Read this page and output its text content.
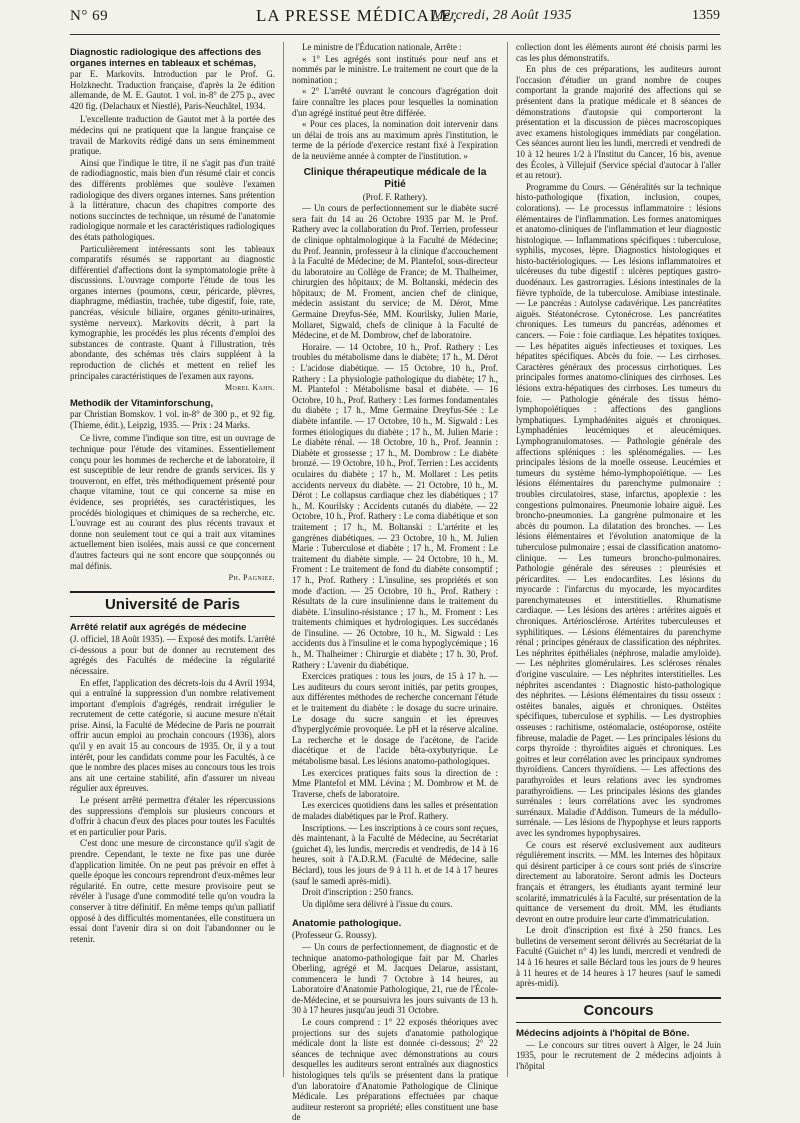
N° 69	LA PRESSE MÉDICALE,
Mercredi, 28 Août 1935	1359
Diagnostic radiologique des affections des organes internes en tableaux et schémas,
par E. Markovits. Introduction par le Prof. G. Holzknecht. Traduction française, d'après la 2e édition allemande, de M. E. Gautot. 1 vol. in-8° de 275 p., avec 420 fig. (Delachaux et Niestlé), Paris-Neuchâtel, 1934.

L'excellente traduction de Gautot met à la portée des médecins qui ne pratiquent que la langue française ce travail de Markovits rédigé dans un sens éminemment pratique.

Ainsi que l'indique le titre, il ne s'agit pas d'un traité de radiodiagnostic, mais bien d'un résumé clair et concis des différents problèmes que soulève l'examen radiologique des divers organes internes. Sans prétention à la littérature, chacun des chapitres comporte des notions succinctes de technique, un résumé de l'anatomie radiologique normale et les caractéristiques radiologiques des états pathologiques.

Particulièrement intéressants sont les tableaux comparatifs résumés se rapportant au diagnostic différentiel d'affections dont la symptomatologie prête à discussions. L'ouvrage comporte l'étude de tous les organes internes (poumons, cœur, péricarde, plèvres, diaphragme, médiastin, trachée, tube digestif, foie, rate, pancréas, vésicule biliaire, organes génito-urinaires, système nerveux). Markovits décrit, à part la kymographie, les procédés les plus récents d'emploi des substances de contraste. Quant à l'illustration, très abondante, des schémas très clairs suppléent à la reproduction de clichés et mettent en relief les principales caractéristiques de l'examen aux rayons.

Morel Kahn.
Methodik der Vitaminforschung,
par Christian Bomskov. 1 vol. in-8° de 300 p., et 92 fig. (Thieme, édit.), Leipzig, 1935. — Prix : 24 Marks.

Ce livre, comme l'indique son titre, est un ouvrage de technique pour l'étude des vitamines. Essentiellement conçu pour les hommes de recherche et de laboratoire, il est susceptible de leur rendre de grands services. Ils y trouveront, en effet, très méthodiquement présenté pour chaque vitamine, tout ce qui concerne sa mise en évidence, ses propriétés, ses caractéristiques, les procédés biologiques et chimiques de sa recherche, etc. L'ouvrage est au courant des plus récents travaux et donne non seulement tout ce qui a trait aux vitamines actuellement bien isolées, mais aussi ce que concernent d'autres facteurs qui ne sont encore que soupçonnés ou mal définis.

Ph. Pagniez.
Université de Paris
Arrêté relatif aux agrégés de médecine

(J. officiel, 18 Août 1935). — Exposé des motifs. L'arrêté ci-dessous a pour but de donner au recrutement des agrégés des Facultés de médecine la régularité nécessaire.

En effet, l'application des décrets-lois du 4 Avril 1934, qui a entraîné la suppression d'un nombre relativement important d'emplois d'agrégés, rendrait irrégulier le recrutement de cette catégorie, si aucune mesure n'était prise. Ainsi, la Faculté de Médecine de Paris ne pourrait offrir aucun emploi au prochain concours (1936), alors qu'il y en avait 15 au concours de 1935. Or, il y a tout intérêt, pour les candidats comme pour les Facultés, à ce que le nombre des places mises au concours tous les trois ans ait une certaine stabilité, afin d'assurer un niveau régulier aux épreuves.

Le présent arrêté permettra d'étaler les répercussions des suppressions d'emplois sur plusieurs concours et d'offrir à chacun d'eux des places pour toutes les Facultés et en particulier pour Paris.

C'est donc une mesure de circonstance qu'il s'agit de prendre. Cependant, le texte ne fixe pas une durée d'application limitée. On ne peut pas prévoir en effet à quelle époque les concours reprendront d'eux-mêmes leur régularité. En outre, cette mesure provisoire peut se révéler à l'usage d'une commodité telle qu'on voudra la conserver à titre définitif. En même temps qu'un palliatif opposé à des difficultés momentanées, elle constituera un essai dont l'avenir dira si on doit l'abandonner ou le retenir.

Le ministre de l'Éducation nationale, Arrête :

« 1° Les agrégés sont institués pour neuf ans et nommés par le ministre. Le traitement ne court que de la nomination ;

« 2° L'arrêté ouvrant le concours d'agrégation doit faire connaître les places pour lesquelles la nomination d'un agrégé institué peut être différée.

« Pour ces places, la nomination doit intervenir dans un délai de trois ans au maximum après l'institution, le terme de la période d'exercice restant fixé à l'expiration de la neuvième année à compter de l'institution. »

Clinique thérapeutique médicale de la Pitié

(Prof. F. Rathery).

— Un cours de perfectionnement sur le diabète sucré sera fait du 14 au 26 Octobre 1935 par M. le Prof. Rathery avec la collaboration du Prof. Terrien, professeur de clinique ophtalmologique à la Faculté de Médecine; du Prof. Jeannin, professeur à la clinique d'accouchement à la Faculté de Médecine; de M. Plantefol, sous-directeur du laboratoire au Collège de France; de M. Thalheimer, chirurgien des hôpitaux; de M. Boltanski, médecin des hôpitaux; de M. Froment, ancien chef de clinique, médecin assistant du service; de M. Dérot, Mme Germaine Dreyfus-Sée, MM. Kourilsky, Julien Marie, Mollaret, Sigwald, chefs de clinique à la Faculté de Médecine, et de M. Dombrow, chef de laboratoire.

Horaire. — 14 Octobre, 10 h., Prof. Rathery : Les troubles du métabolisme dans le diabète; 17 h., M. Dérot : L'acidose diabétique. — 15 Octobre, 10 h., Prof. Rathery : La physiologie pathologique du diabète; 17 h., M. Plantefol : Métabolisme basal et diabète. — 16 Octobre, 10 h., Prof. Rathery : Les formes fondamentales du diabète ; 17 h., Mme Germaine Dreyfus-Sée : Le diabète infantile. — 17 Octobre, 10 h., M. Sigwald : Les formes étiologiques du diabète ; 17 h., M. Julien Marie : Le diabète rénal. — 18 Octobre, 10 h., Prof. Jeannin : Diabète et grossesse ; 17 h., M. Dombrow : Le diabète bronzé. — 19 Octobre, 10 h., Prof. Terrien : Les accidents oculaires du diabète ; 17 h., M. Mollaret : Les petits accidents nerveux du diabète. — 21 Octobre, 10 h., M. Dérot : Le collapsus cardiaque chez les diabétiques ; 17 h., M. Kourilsky : Accidents cutanés du diabète. — 22 Octobre, 10 h., Prof. Rathery : Le coma diabétique et son traitement ; 17 h., M. Boltanski : L'artérite et les gangrènes diabétiques. — 23 Octobre, 10 h., M. Julien Marie : Tuberculose et diabète ; 17 h., M. Froment : Le traitement du diabète simple. — 24 Octobre, 10 h., M. Froment : Le traitement de fond du diabète consomptif ; 17 h., Prof. Rathery : L'insuline, ses propriétés et son mode d'action. — 25 Octobre, 10 h., Prof. Rathery : Résultats de la cure insulinienne dans le traitement du diabète. L'insulino-résistance ; 17 h., M. Froment : Les traitements chimiques et hydrologiques. Les succédanés de l'insuline. — 26 Octobre, 10 h., M. Sigwald : Les accidents dus à l'insuline et le coma hypoglycémique ; 16 h., M. Thalheimer : Chirurgie et diabète ; 17 h. 30, Prof. Rathery : L'avenir du diabétique.

Exercices pratiques : tous les jours, de 15 à 17 h. — Les auditeurs du cours seront initiés, par petits groupes, aux différentes méthodes de recherche concernant l'étude et le traitement du diabète : le dosage du sucre urinaire. Le dosage du sucre sanguin et les épreuves d'hyperglycémie provoquée. Le pH et la réserve alcaline. La recherche et le dosage de l'acétone, de l'acide diacétique et de l'acide bêta-oxybutyrique. Le métabolisme basal. Les lésions anatomo-pathologiques.

Les exercices pratiques faits sous la direction de : Mme Plantefol et MM. Lévina ; M. Dombrow et M. de Traverse, chefs de laboratoire.

Les exercices quotidiens dans les salles et présentation de malades diabétiques par le Prof. Rathery.

Inscriptions. — Les inscriptions à ce cours sont reçues, dès maintenant, à la Faculté de Médecine, au Secrétariat (guichet 4), les lundis, mercredis et vendredis, de 14 à 16 heures, soit à l'A.D.R.M. (Faculté de Médecine, salle Béclard), tous les jours de 9 à 11 h. et de 14 à 17 heures (sauf le samedi après-midi).

Droit d'inscription : 250 francs.

Un diplôme sera délivré à l'issue du cours.

Anatomie pathologique.

(Professeur G. Roussy).

— Un cours de perfectionnement, de diagnostic et de technique anatomo-pathologique fait par M. Charles Oberling, agrégé et M. Jacques Delarue, assistant, commencera le lundi 7 Octobre à 14 heures, au Laboratoire d'Anatomie Pathologique, 21, rue de l'École-de-Médecine, et se poursuivra les jours suivants de 13 h. 30 à 17 heures jusqu'au jeudi 31 Octobre.

Le cours comprend : 1° 22 exposés théoriques avec projections sur des sujets d'anatomie pathologique médicale dont la liste est donnée ci-dessous; 2° 22 séances de technique avec démonstrations au cours desquelles les auditeurs seront entraînés aux diagnostics histologiques tels qu'ils se présentent dans la pratique d'un laboratoire d'Anatomie Pathologique de Clinique Médicale. Les préparations effectuées par chaque auditeur resteront sa propriété; elles constituent une base de

collection dont les éléments auront été choisis parmi les cas les plus démonstratifs.

En plus de ces préparations, les auditeurs auront l'occasion d'étudier un grand nombre de coupes comportant la grande majorité des affections qui se présentent dans la pratique médicale et 8 séances de démonstrations d'autopsie qui comporteront la présentation et la discussion de pièces macroscopiques avec examens histologiques immédiats par congélation. Ces séances auront lieu les lundi, mercredi et vendredi de 10 à 12 heures 1/2 à l'Institut du Cancer, 16 bis, avenue des Écoles, à Villejuif (Service spécial d'autocar à l'aller et au retour).

Programme du Cours. — Généralités sur la technique histo-pathologique (fixation, inclusion, coupes, colorations). — Le processus inflammatoire : lésions élémentaires de l'inflammation. Les formes anatomiques et anatomo-cliniques de l'inflammation et leur diagnostic histologique. — Inflammations spécifiques : tuberculose, syphilis, mycoses, lèpre. Diagnostics histologiques et histo-bactériologiques. — Les lésions inflammatoires et ulcéreuses du tube digestif : ulcères peptiques gastro-duodénaux. Les gastrorragies. Lésions intestinales de la fièvre typhoïde, de la tuberculose. Amibiase intestinale. — Le pancréas : Autolyse cadavérique. Les pancréatites aiguës. Stéatonécrose. Cytonécrose. Les pancréatites chroniques. Les tumeurs du pancréas, adénomes et cancers. — Foie : foie cardiaque. Les hépatites toxiques. — Les hépatites aiguës infectieuses et toxiques. Les hépatites spécifiques. Abcès du foie. — Les cirrhoses. Caractères généraux des processus cirrhotiques. Les principales formes anatomo-cliniques des cirrhoses. Les lésions extra-hépatiques des cirrhoses. Les tumeurs du foie. — Pathologie générale des tissus hémo-lymphopoïétiques : affections des ganglions lymphatiques. Lymphadénites aiguës et chroniques. Lymphadénies leucémiques et aleucémiques. Lymphogranulomatoses. — Pathologie générale des affections spléniques : les splénomégalies. — Les principales lésions de la moelle osseuse. Leucémies et tumeurs du système hémo-lymphopoïétique. — Les lésions élémentaires du parenchyme pulmonaire : troubles circulatoires, stase, infarctus, apoplexie : les congestions pulmonaires. Pneumonie lobaire aiguë. Les broncho-pneumonies. La gangrène pulmonaire et les abcès du poumon. La dilatation des bronches. — Les lésions élémentaires et l'évolution anatomique de la tuberculose pulmonaire ; essai de classification anatomo-clinique. — Les tumeurs broncho-pulmonaires. Pathologie générale des séreuses : pleurésies et péricardites. — Les endocardites. Les lésions du myocarde : l'infarctus du myocarde, les myocardites parenchymateuses et interstitielles. Rhumatisme cardiaque. — Les lésions des artères : artérites aiguës et chroniques. Artériosclérose. Artérites tuberculeuses et syphilitiques. — Lésions élémentaires du parenchyme rénal ; principes généraux de classification des néphrites. Les néphrites épithéliales (néphrose, maladie amyloïde). — Les néphrites glomérulaires. Les scléroses rénales d'origine vasculaire. — Les néphrites interstitielles. Les néphrites ascendantes : Diagnostic histo-pathologique des néphrites. — Lésions élémentaires du tissu osseux : ostéites banales, aiguës et chroniques. Ostéites spécifiques, tuberculose et syphilis. — Les dystrophies osseuses : rachitisme, ostéomalacie, ostéoporose, ostéite fibreuse, maladie de Paget. — Les principales lésions du corps thyroïde : thyroïdites aiguës et chroniques. Les goitres et leur corrélation avec les principaux syndromes thyroïdiens. Cancers thyroïdiens. — Les affections des parathyroïdes et leurs relations avec les syndromes parathyroïdiens. — Les principales lésions des glandes surrénales : leurs corrélations avec les syndromes surrénaux. Maladie d'Addison. Tumeurs de la médullo-surrénale. — Les lésions de l'hypophyse et leurs rapports avec les syndromes hypophysaires.

Ce cours est réservé exclusivement aux auditeurs régulièrement inscrits. — MM. les Internes des hôpitaux qui désirent participer à ce cours sont priés de s'inscrire directement au laboratoire. Seront admis les Docteurs français et étrangers, les étudiants ayant terminé leur scolarité, immatriculés à la Faculté, sur présentation de la quittance de versement du droit. MM. les étudiants devront en outre produire leur carte d'immatriculation.

Le droit d'inscription est fixé à 250 francs. Les bulletins de versement seront délivrés au Secrétariat de la Faculté (Guichet n° 4) les lundi, mercredi et vendredi de 14 à 16 heures et salle Béclard tous les jours de 9 heures à 11 heures et de 14 heures à 17 heures (sauf le samedi après-midi).

Concours
Médecins adjoints à l'hôpital de Bône.

— Le concours sur titres ouvert à Alger, le 24 Juin 1935, pour le recrutement de 2 médecins adjoints à l'hôpital
